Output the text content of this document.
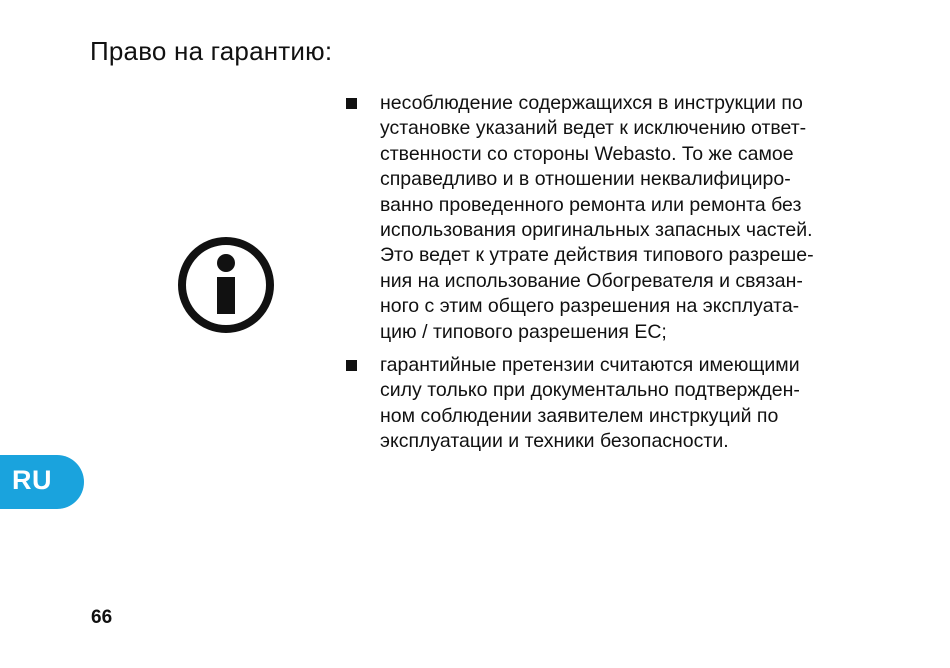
Право на гарантию:
несоблюдение содержащихся в инструкции по
установке указаний ведет к исключению ответ-
ственности со стороны Webasto. То же самое
справедливо и в отношении неквалифициро-
ванно проведенного ремонта или ремонта без
использования оригинальных запасных частей.
Это ведет к утрате действия типового разреше-
ния на использование Обогревателя и связан-
ного с этим общего разрешения на эксплуата-
цию / типового разрешения ЕС;
гарантийные претензии считаются имеющими
силу только при документально подтвержден-
ном соблюдении заявителем инстркуций по
эксплуатации и техники безопасности.
RU
66
